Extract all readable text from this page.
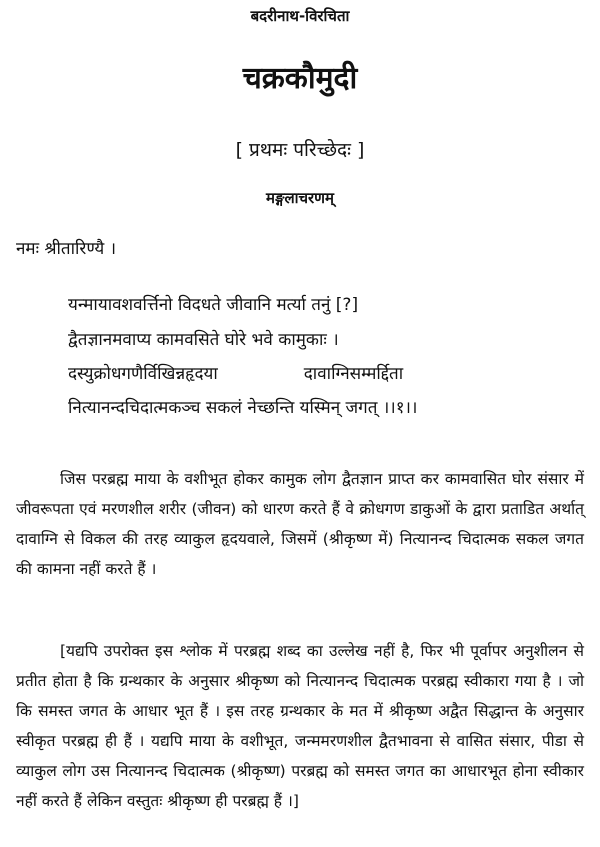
बदरीनाथ-विरचिता
चक्रकौमुदी
[ प्रथमः परिच्छेदः ]
मङ्गलाचरणम्
नमः श्रीतारिण्यै ।
यन्मायावशवर्त्तिनो विदधते जीवानि मर्त्या तनुं [?]
द्वैतज्ञानमवाप्य कामवसिते घोरे भवे कामुकाः ।
दस्युक्रोधगणैर्विखिन्नहृदया	दावाग्निसम्मर्द्दिता
नित्यानन्दचिदात्मकञ्च सकलं नेच्छन्ति यस्मिन् जगत् ।।१।।

जिस परब्रह्म माया के वशीभूत होकर कामुक लोग द्वैतज्ञान प्राप्त कर कामवासित घोर संसार में जीवरूपता एवं मरणशील शरीर (जीवन) को धारण करते हैं वे क्रोधगण डाकुओं के द्वारा प्रताडित अर्थात् दावाग्नि से विकल की तरह व्याकुल हृदयवाले, जिसमें (श्रीकृष्ण में) नित्यानन्द चिदात्मक सकल जगत की कामना नहीं करते हैं ।

[यद्यपि उपरोक्त इस श्लोक में परब्रह्म शब्द का उल्लेख नहीं है, फिर भी पूर्वापर अनुशीलन से प्रतीत होता है कि ग्रन्थकार के अनुसार श्रीकृष्ण को नित्यानन्द चिदात्मक परब्रह्म स्वीकारा गया है । जो कि समस्त जगत के आधार भूत हैं । इस तरह ग्रन्थकार के मत में श्रीकृष्ण अद्वैत सिद्धान्त के अनुसार स्वीकृत परब्रह्म ही हैं । यद्यपि माया के वशीभूत, जन्ममरणशील द्वैतभावना से वासित संसार, पीडा से व्याकुल लोग उस नित्यानन्द चिदात्मक (श्रीकृष्ण) परब्रह्म को समस्त जगत का आधारभूत होना स्वीकार नहीं करते हैं लेकिन वस्तुतः श्रीकृष्ण ही परब्रह्म हैं ।]
